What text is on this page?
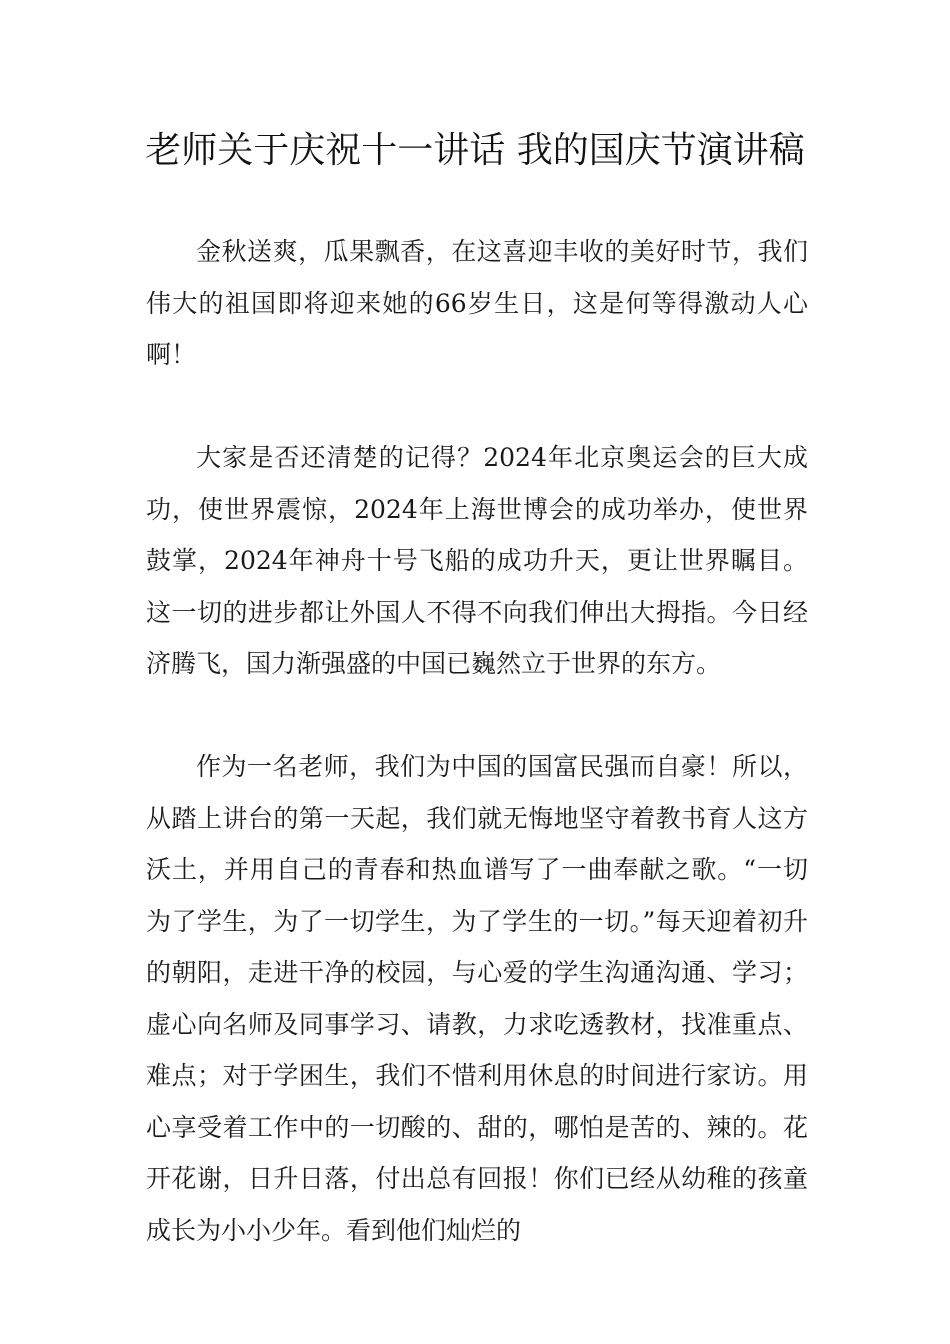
老师关于庆祝十一讲话 我的国庆节演讲稿

金秋送爽，瓜果飘香，在这喜迎丰收的美好时节，我们伟大的祖国即将迎来她的66岁生日，这是何等得激动人心啊！

大家是否还清楚的记得？2024年北京奥运会的巨大成功，使世界震惊，2024年上海世博会的成功举办，使世界鼓掌，2024年神舟十号飞船的成功升天，更让世界瞩目。这一切的进步都让外国人不得不向我们伸出大拇指。今日经济腾飞，国力渐强盛的中国已巍然立于世界的东方。

作为一名老师，我们为中国的国富民强而自豪！所以，从踏上讲台的第一天起，我们就无悔地坚守着教书育人这方沃土，并用自己的青春和热血谱写了一曲奉献之歌。“一切为了学生，为了一切学生，为了学生的一切。”每天迎着初升的朝阳，走进干净的校园，与心爱的学生沟通沟通、学习；虚心向名师及同事学习、请教，力求吃透教材，找准重点、难点；对于学困生，我们不惜利用休息的时间进行家访。用心享受着工作中的一切酸的、甜的，哪怕是苦的、辣的。花开花谢，日升日落，付出总有回报！你们已经从幼稚的孩童成长为小小少年。看到他们灿烂的
